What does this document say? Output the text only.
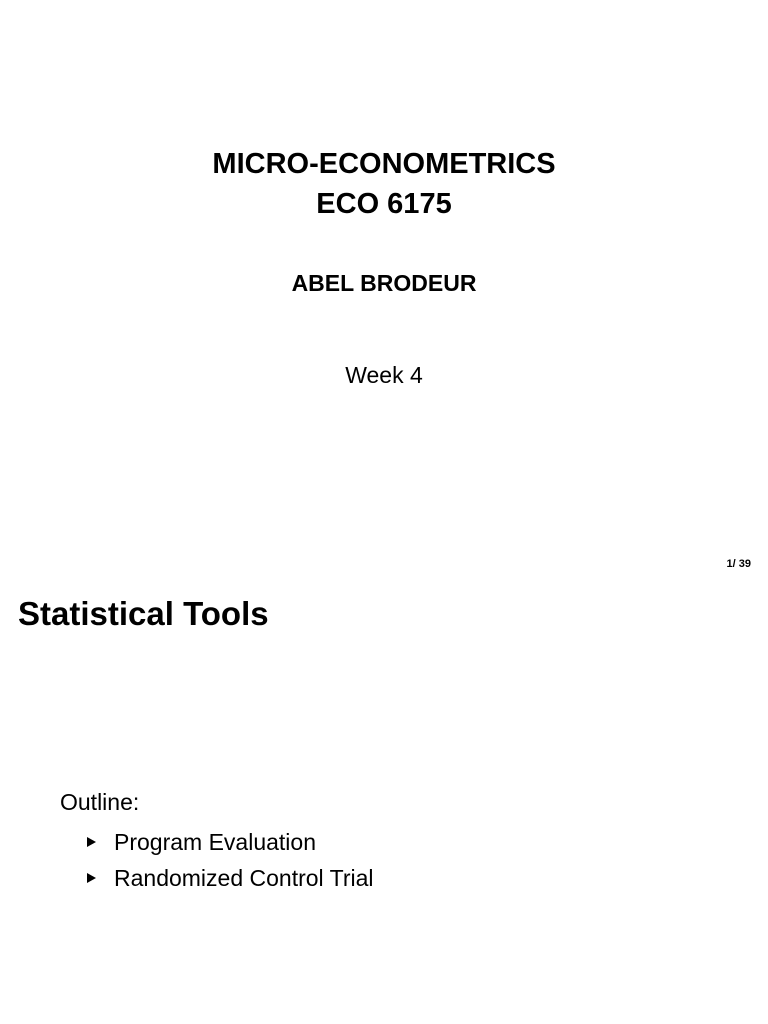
MICRO-ECONOMETRICS
ECO 6175
ABEL BRODEUR
Week 4
1/ 39
Statistical Tools
Outline:
Program Evaluation
Randomized Control Trial
